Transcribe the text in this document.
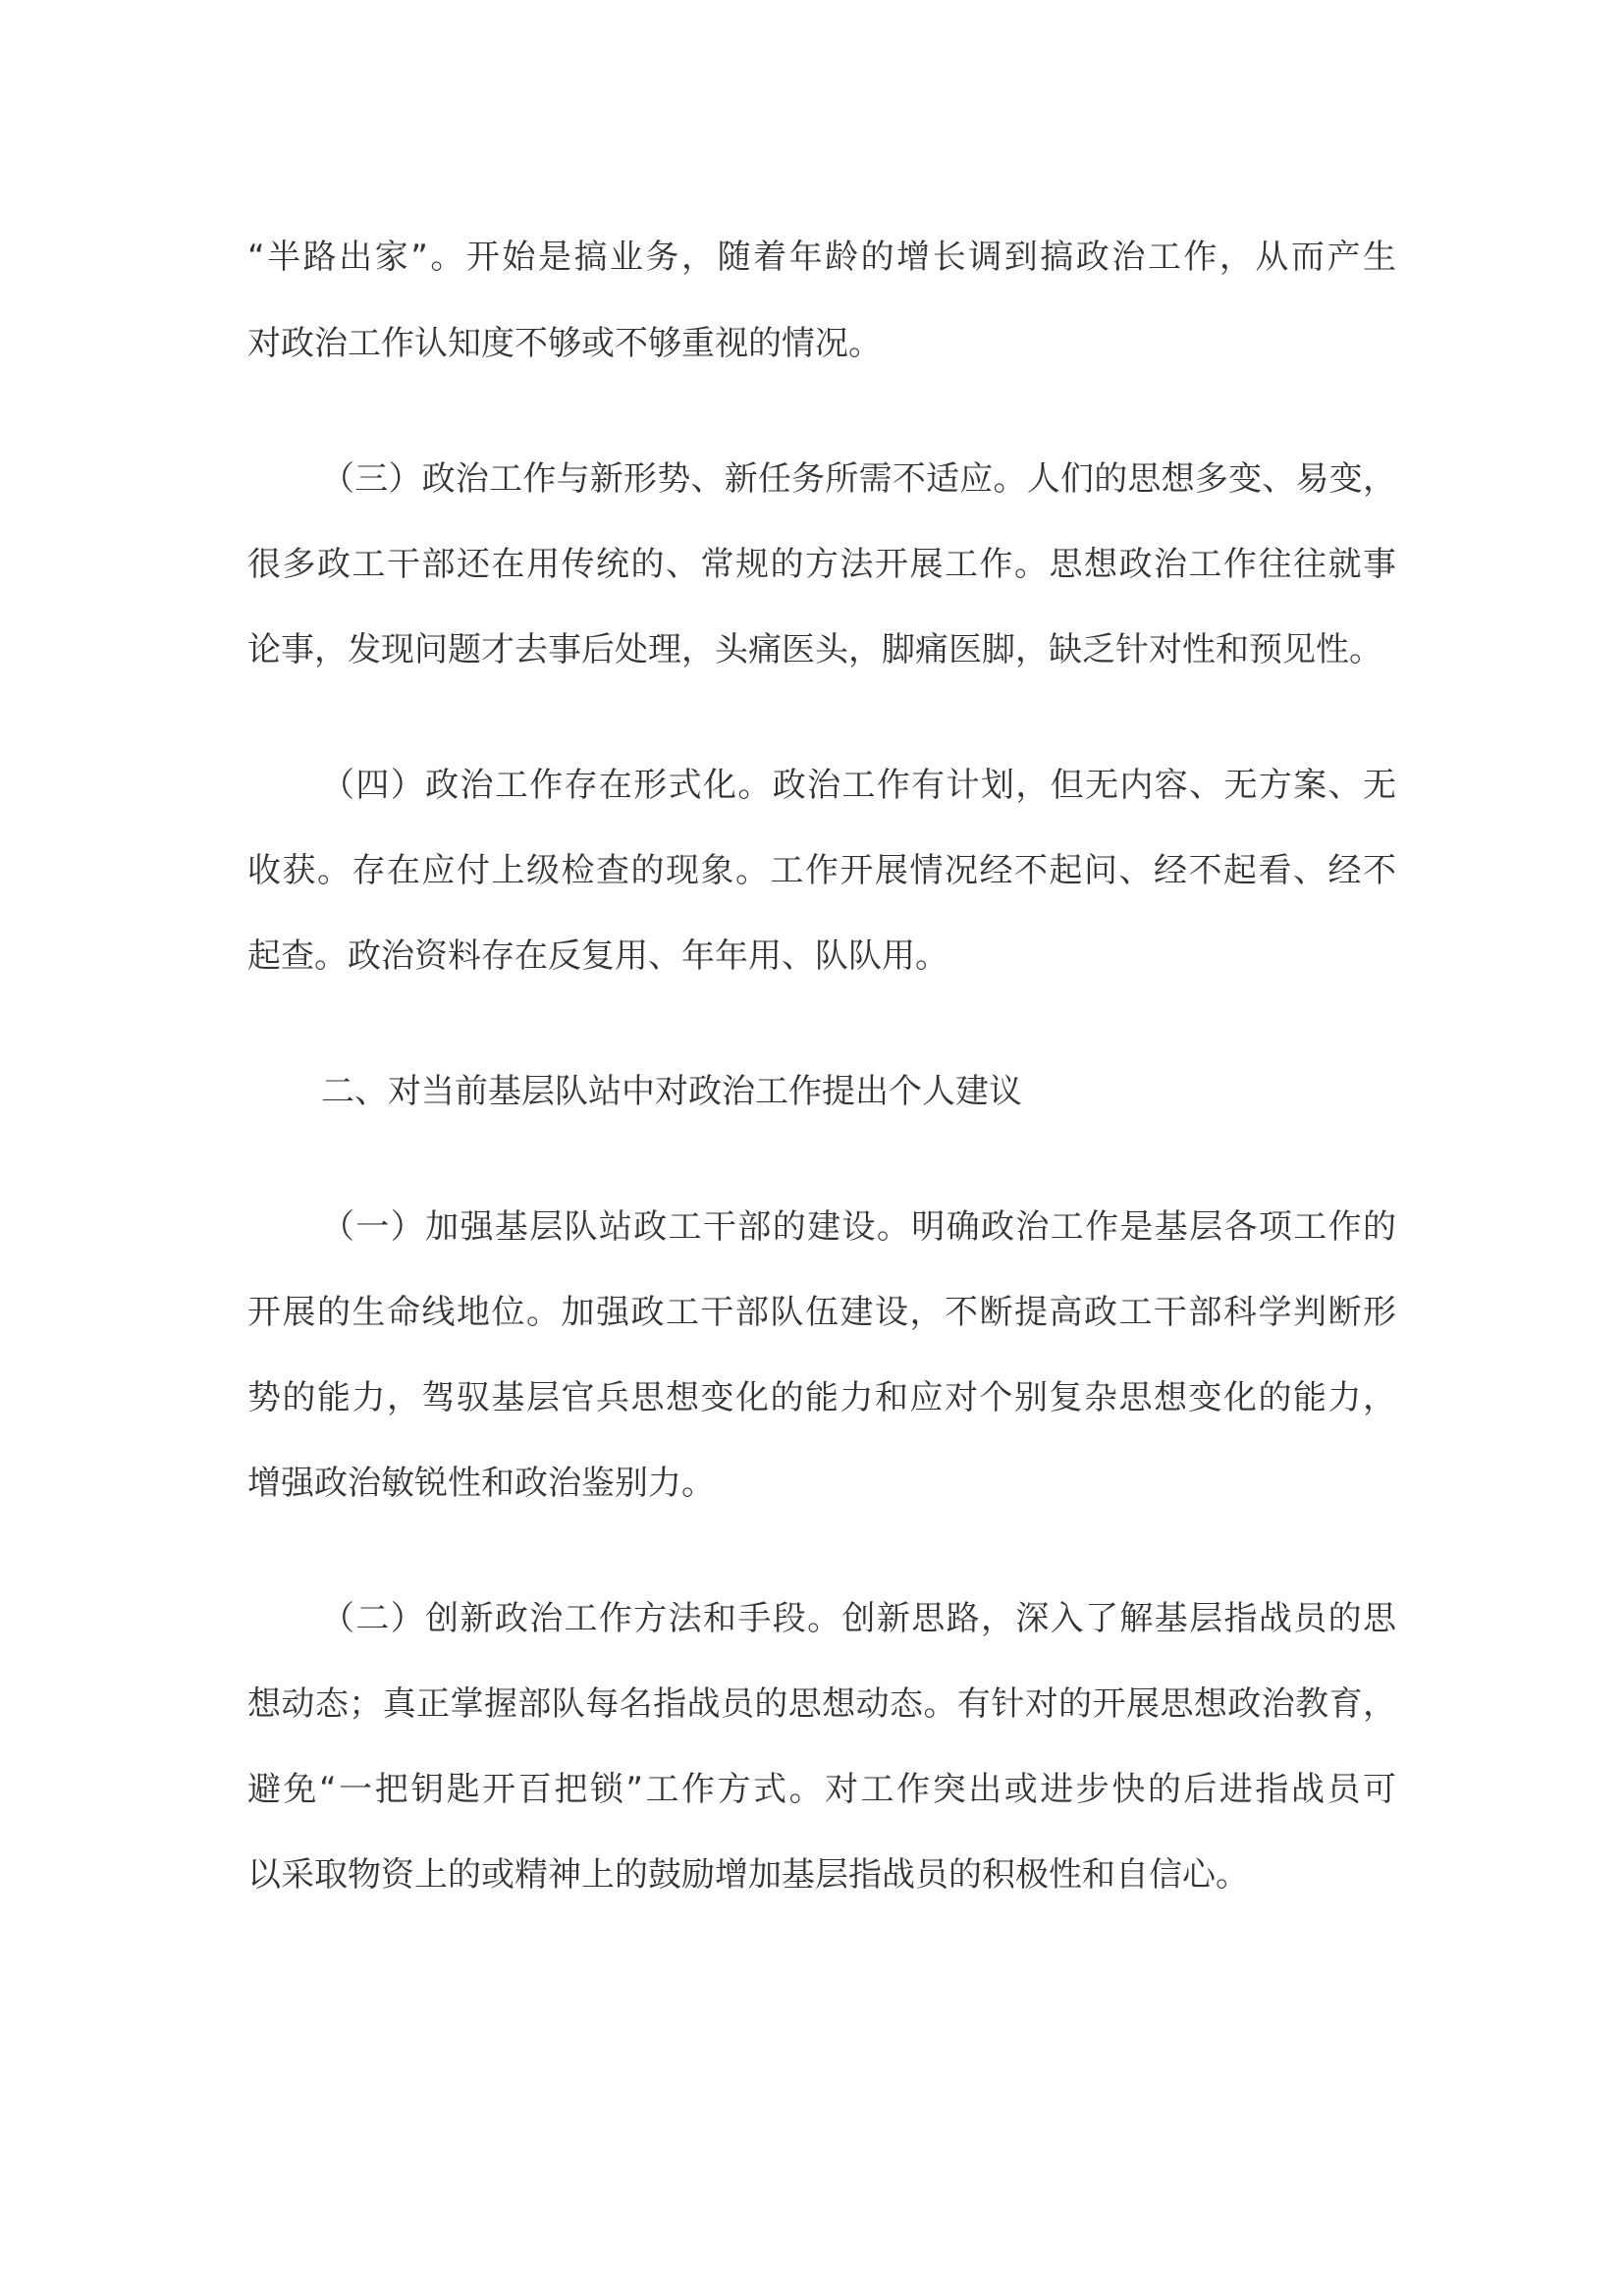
“半路出家”。开始是搞业务，随着年龄的增长调到搞政治工作，从而产生
对政治工作认知度不够或不够重视的情况。
（三）政治工作与新形势、新任务所需不适应。人们的思想多变、易变，
很多政工干部还在用传统的、常规的方法开展工作。思想政治工作往往就事
论事，发现问题才去事后处理，头痛医头，脚痛医脚，缺乏针对性和预见性。
（四）政治工作存在形式化。政治工作有计划，但无内容、无方案、无
收获。存在应付上级检查的现象。工作开展情况经不起问、经不起看、经不
起查。政治资料存在反复用、年年用、队队用。
二、对当前基层队站中对政治工作提出个人建议
（一）加强基层队站政工干部的建设。明确政治工作是基层各项工作的
开展的生命线地位。加强政工干部队伍建设，不断提高政工干部科学判断形
势的能力，驾驭基层官兵思想变化的能力和应对个别复杂思想变化的能力，
增强政治敏锐性和政治鉴别力。
（二）创新政治工作方法和手段。创新思路，深入了解基层指战员的思
想动态；真正掌握部队每名指战员的思想动态。有针对的开展思想政治教育，
避免“一把钥匙开百把锁”工作方式。对工作突出或进步快的后进指战员可
以采取物资上的或精神上的鼓励增加基层指战员的积极性和自信心。
